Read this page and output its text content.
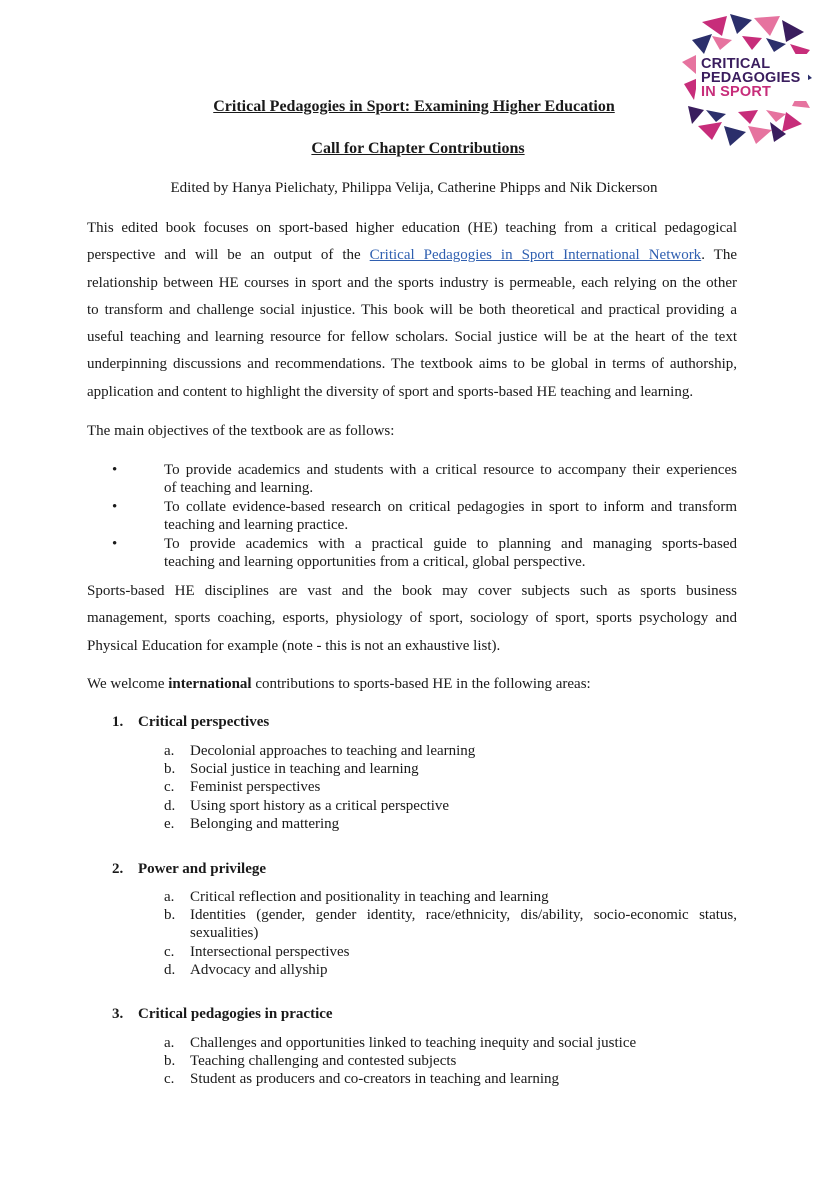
CRITICAL
PEDAGOGIES
IN SPORT
Critical Pedagogies in Sport: Examining Higher Education
Call for Chapter Contributions
Edited by Hanya Pielichaty, Philippa Velija, Catherine Phipps and Nik Dickerson
This edited book focuses on sport-based higher education (HE) teaching from a critical pedagogical
perspective and will be an output of the Critical Pedagogies in Sport International Network. The
relationship between HE courses in sport and the sports industry is permeable, each relying on the other
to transform and challenge social injustice. This book will be both theoretical and practical providing a
useful teaching and learning resource for fellow scholars. Social justice will be at the heart of the text
underpinning discussions and recommendations. The textbook aims to be global in terms of authorship,
application and content to highlight the diversity of sport and sports-based HE teaching and learning.
The main objectives of the textbook are as follows:
•	To provide academics and students with a critical resource to accompany their experiences
of teaching and learning.
•	To collate evidence-based research on critical pedagogies in sport to inform and transform
teaching and learning practice.
•	To provide academics with a practical guide to planning and managing sports-based
teaching and learning opportunities from a critical, global perspective.
Sports-based HE disciplines are vast and the book may cover subjects such as sports business
management, sports coaching, esports, physiology of sport, sociology of sport, sports psychology and
Physical Education for example (note - this is not an exhaustive list).
We welcome international contributions to sports-based HE in the following areas:
1. Critical perspectives
a. Decolonial approaches to teaching and learning
b. Social justice in teaching and learning
c. Feminist perspectives
d. Using sport history as a critical perspective
e. Belonging and mattering
2. Power and privilege
a. Critical reflection and positionality in teaching and learning
b. Identities (gender, gender identity, race/ethnicity, dis/ability, socio-economic status,
sexualities)
c. Intersectional perspectives
d. Advocacy and allyship
3. Critical pedagogies in practice
a. Challenges and opportunities linked to teaching inequity and social justice
b. Teaching challenging and contested subjects
c. Student as producers and co-creators in teaching and learning
